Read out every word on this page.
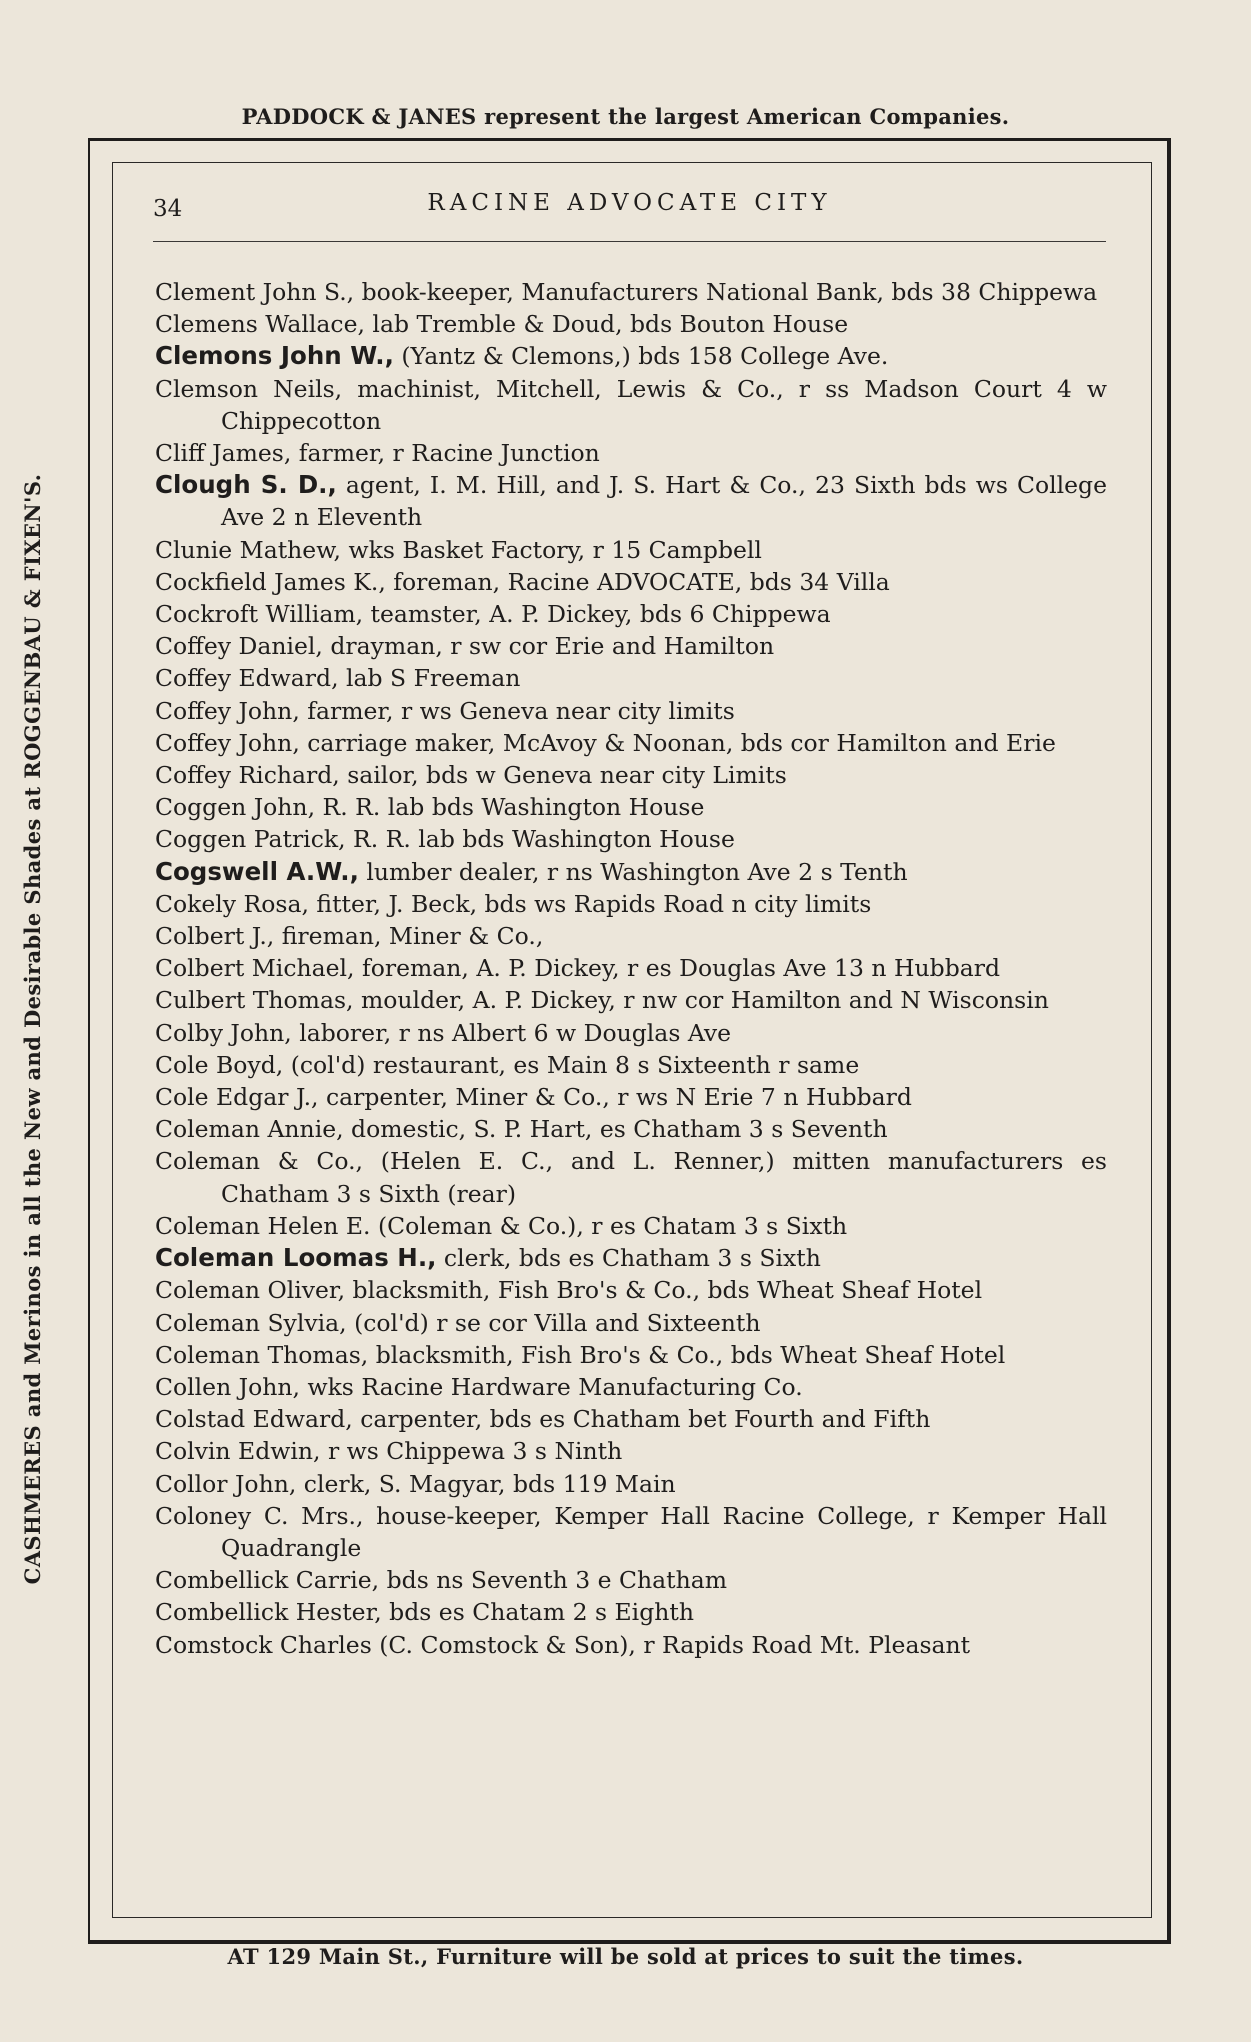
PADDOCK & JANES represent the largest American Companies.
CASHMERES and Merinos in all the New and Desirable Shades at ROGGENBAU & FIXEN'S.
34	RACINE ADVOCATE CITY
Clement John S., book-keeper, Manufacturers National Bank, bds 38 Chippewa
Clemens Wallace, lab Tremble & Doud, bds Bouton House
Clemons John W., (Yantz & Clemons,) bds 158 College Ave.
Clemson Neils, machinist, Mitchell, Lewis & Co., r ss Madson Court 4 w Chippecotton
Cliff James, farmer, r Racine Junction
Clough S. D., agent, I. M. Hill, and J. S. Hart & Co., 23 Sixth bds ws College Ave 2 n Eleventh
Clunie Mathew, wks Basket Factory, r 15 Campbell
Cockfield James K., foreman, Racine ADVOCATE, bds 34 Villa
Cockroft William, teamster, A. P. Dickey, bds 6 Chippewa
Coffey Daniel, drayman, r sw cor Erie and Hamilton
Coffey Edward, lab S Freeman
Coffey John, farmer, r ws Geneva near city limits
Coffey John, carriage maker, McAvoy & Noonan, bds cor Hamilton and Erie
Coffey Richard, sailor, bds w Geneva near city Limits
Coggen John, R. R. lab bds Washington House
Coggen Patrick, R. R. lab bds Washington House
Cogswell A.W., lumber dealer, r ns Washington Ave 2 s Tenth
Cokely Rosa, fitter, J. Beck, bds ws Rapids Road n city limits
Colbert J., fireman, Miner & Co.,
Colbert Michael, foreman, A. P. Dickey, r es Douglas Ave 13 n Hubbard
Culbert Thomas, moulder, A. P. Dickey, r nw cor Hamilton and N Wisconsin
Colby John, laborer, r ns Albert 6 w Douglas Ave
Cole Boyd, (col'd) restaurant, es Main 8 s Sixteenth r same
Cole Edgar J., carpenter, Miner & Co., r ws N Erie 7 n Hubbard
Coleman Annie, domestic, S. P. Hart, es Chatham 3 s Seventh
Coleman & Co., (Helen E. C., and L. Renner,) mitten manufacturers es Chatham 3 s Sixth (rear)
Coleman Helen E. (Coleman & Co.), r es Chatam 3 s Sixth
Coleman Loomas H., clerk, bds es Chatham 3 s Sixth
Coleman Oliver, blacksmith, Fish Bro's & Co., bds Wheat Sheaf Hotel
Coleman Sylvia, (col'd) r se cor Villa and Sixteenth
Coleman Thomas, blacksmith, Fish Bro's & Co., bds Wheat Sheaf Hotel
Collen John, wks Racine Hardware Manufacturing Co.
Colstad Edward, carpenter, bds es Chatham bet Fourth and Fifth
Colvin Edwin, r ws Chippewa 3 s Ninth
Collor John, clerk, S. Magyar, bds 119 Main
Coloney C. Mrs., house-keeper, Kemper Hall Racine College, r Kemper Hall Quadrangle
Combellick Carrie, bds ns Seventh 3 e Chatham
Combellick Hester, bds es Chatam 2 s Eighth
Comstock Charles (C. Comstock & Son), r Rapids Road Mt. Pleasant
AT 129 Main St., Furniture will be sold at prices to suit the times.
